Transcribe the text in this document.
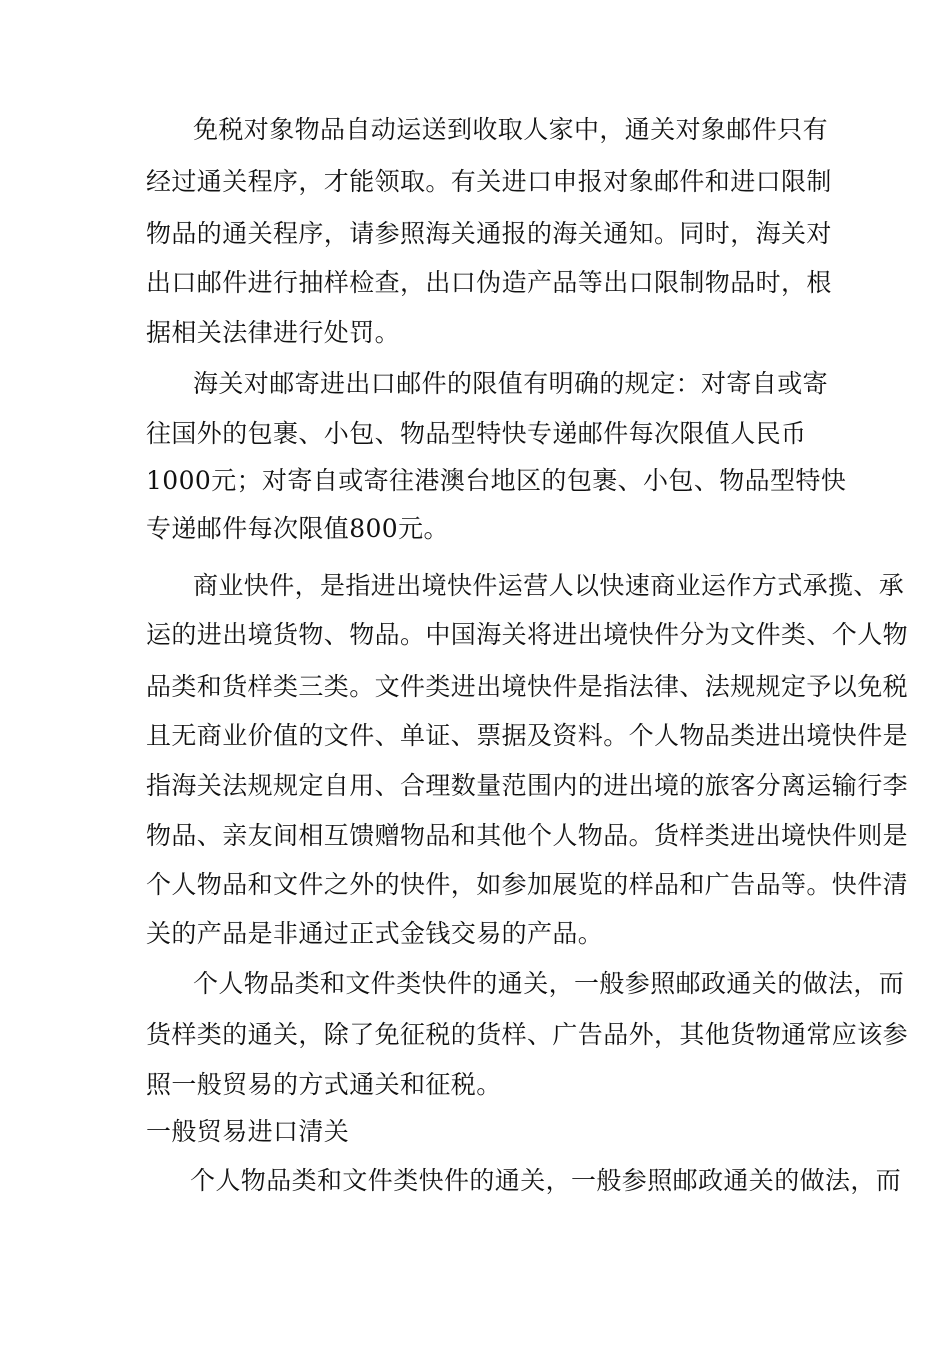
免税对象物品自动运送到收取人家中，通关对象邮件只有
经过通关程序，才能领取。有关进口申报对象邮件和进口限制
物品的通关程序，请参照海关通报的海关通知。同时，海关对
出口邮件进行抽样检查，出口伪造产品等出口限制物品时，根
据相关法律进行处罚。
海关对邮寄进出口邮件的限值有明确的规定：对寄自或寄
往国外的包裹、小包、物品型特快专递邮件每次限值人民币
1000元；对寄自或寄往港澳台地区的包裹、小包、物品型特快
专递邮件每次限值800元。
商业快件，是指进出境快件运营人以快速商业运作方式承揽、承
运的进出境货物、物品。中国海关将进出境快件分为文件类、个人物
品类和货样类三类。文件类进出境快件是指法律、法规规定予以免税
且无商业价值的文件、单证、票据及资料。个人物品类进出境快件是
指海关法规规定自用、合理数量范围内的进出境的旅客分离运输行李
物品、亲友间相互馈赠物品和其他个人物品。货样类进出境快件则是
个人物品和文件之外的快件，如参加展览的样品和广告品等。快件清
关的产品是非通过正式金钱交易的产品。
个人物品类和文件类快件的通关，一般参照邮政通关的做法，而
货样类的通关，除了免征税的货样、广告品外，其他货物通常应该参
照一般贸易的方式通关和征税。
一般贸易进口清关
个人物品类和文件类快件的通关，一般参照邮政通关的做法，而
